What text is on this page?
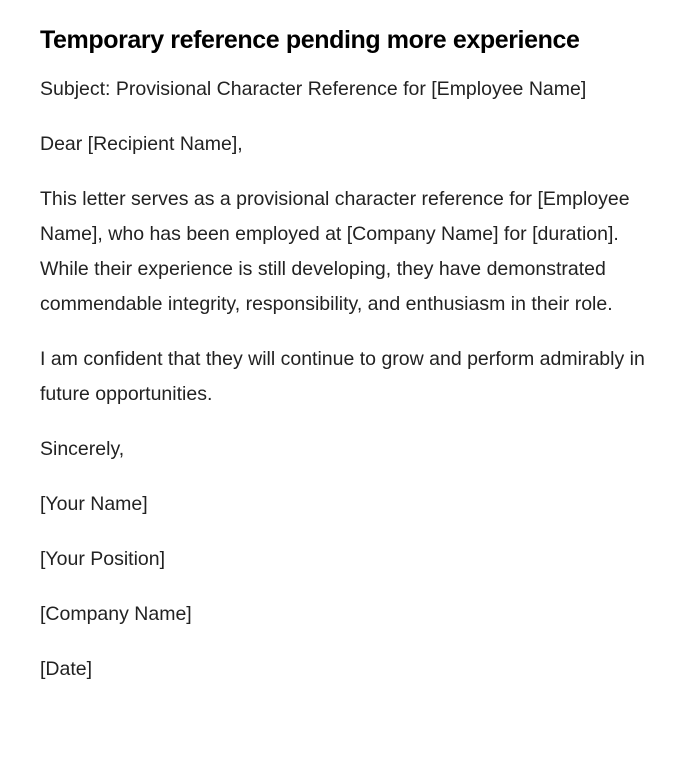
Temporary reference pending more experience

Subject: Provisional Character Reference for [Employee Name]

Dear [Recipient Name],

This letter serves as a provisional character reference for [Employee Name], who has been employed at [Company Name] for [duration]. While their experience is still developing, they have demonstrated commendable integrity, responsibility, and enthusiasm in their role.

I am confident that they will continue to grow and perform admirably in future opportunities.

Sincerely,

[Your Name]

[Your Position]

[Company Name]

[Date]
